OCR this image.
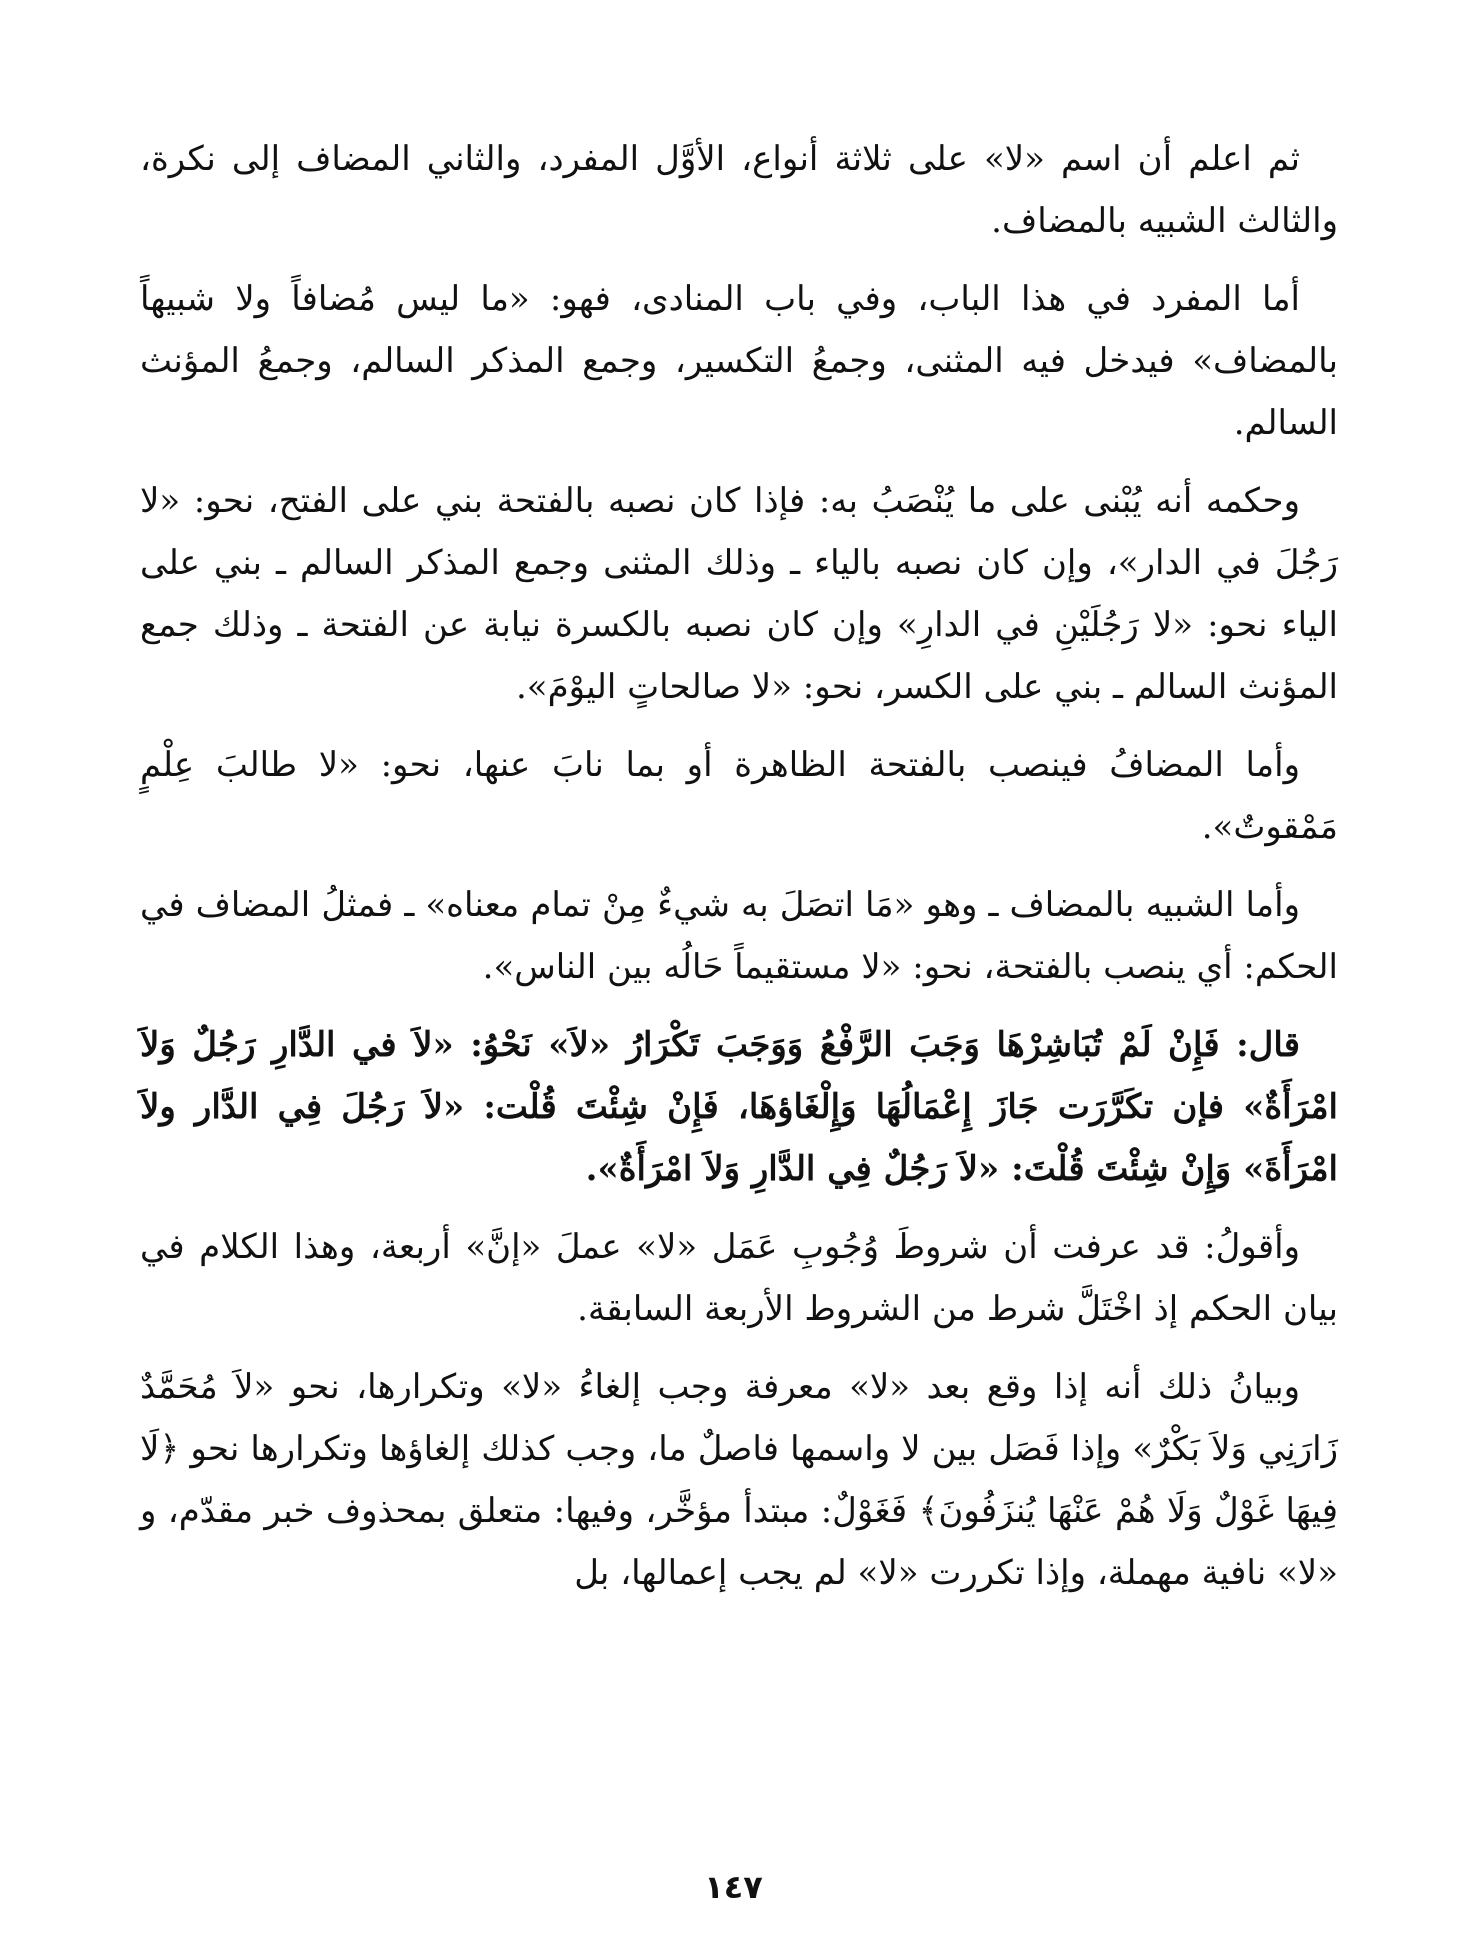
ثم اعلم أن اسم «لا» على ثلاثة أنواع، الأوَّل المفرد، والثاني المضاف إلى نكرة، والثالث الشبيه بالمضاف.

أما المفرد في هذا الباب، وفي باب المنادى، فهو: «ما ليس مُضافاً ولا شبيهاً بالمضاف» فيدخل فيه المثنى، وجمعُ التكسير، وجمع المذكر السالم، وجمعُ المؤنث السالم.

وحكمه أنه يُبْنى على ما يُنْصَبُ به: فإذا كان نصبه بالفتحة بني على الفتح، نحو: «لا رَجُلَ في الدار»، وإن كان نصبه بالياء ـ وذلك المثنى وجمع المذكر السالم ـ بني على الياء نحو: «لا رَجُلَيْنِ في الدارِ» وإن كان نصبه بالكسرة نيابة عن الفتحة ـ وذلك جمع المؤنث السالم ـ بني على الكسر، نحو: «لا صالحاتٍ اليوْمَ».

وأما المضافُ فينصب بالفتحة الظاهرة أو بما نابَ عنها، نحو: «لا طالبَ عِلْمٍ مَمْقوتٌ».

وأما الشبيه بالمضاف ـ وهو «مَا اتصَلَ به شيءٌ مِنْ تمام معناه» ـ فمثلُ المضاف في الحكم: أي ينصب بالفتحة، نحو: «لا مستقيماً حَالُه بين الناس».

قال: فَإِنْ لَمْ تُبَاشِرْهَا وَجَبَ الرَّفْعُ وَوَجَبَ تَكْرَارُ «لاَ» نَحْوُ: «لاَ في الدَّارِ رَجُلٌ وَلاَ امْرَأَةٌ» فإن تكَرَّرَت جَازَ إِعْمَالُهَا وَإِلْغَاؤهَا، فَإِنْ شِئْتَ قُلْت: «لاَ رَجُلَ فِي الدَّار ولاَ امْرَأَةَ» وَإِنْ شِئْتَ قُلْتَ: «لاَ رَجُلٌ فِي الدَّارِ وَلاَ امْرَأَةٌ».

وأقولُ: قد عرفت أن شروطَ وُجُوبِ عَمَل «لا» عملَ «إنَّ» أربعة، وهذا الكلام في بيان الحكم إذ اخْتَلَّ شرط من الشروط الأربعة السابقة.

وبيانُ ذلك أنه إذا وقع بعد «لا» معرفة وجب إلغاءُ «لا» وتكرارها، نحو «لاَ مُحَمَّدٌ زَارَنِي وَلاَ بَكْرٌ» وإذا فَصَل بين لا واسمها فاصلٌ ما، وجب كذلك إلغاؤها وتكرارها نحو ﴿لَا فِيهَا غَوْلٌ وَلَا هُمْ عَنْهَا يُنزَفُونَ﴾ فَغَوْلٌ: مبتدأ مؤخَّر، وفيها: متعلق بمحذوف خبر مقدّم، و «لا» نافية مهملة، وإذا تكررت «لا» لم يجب إعمالها، بل

١٤٧
